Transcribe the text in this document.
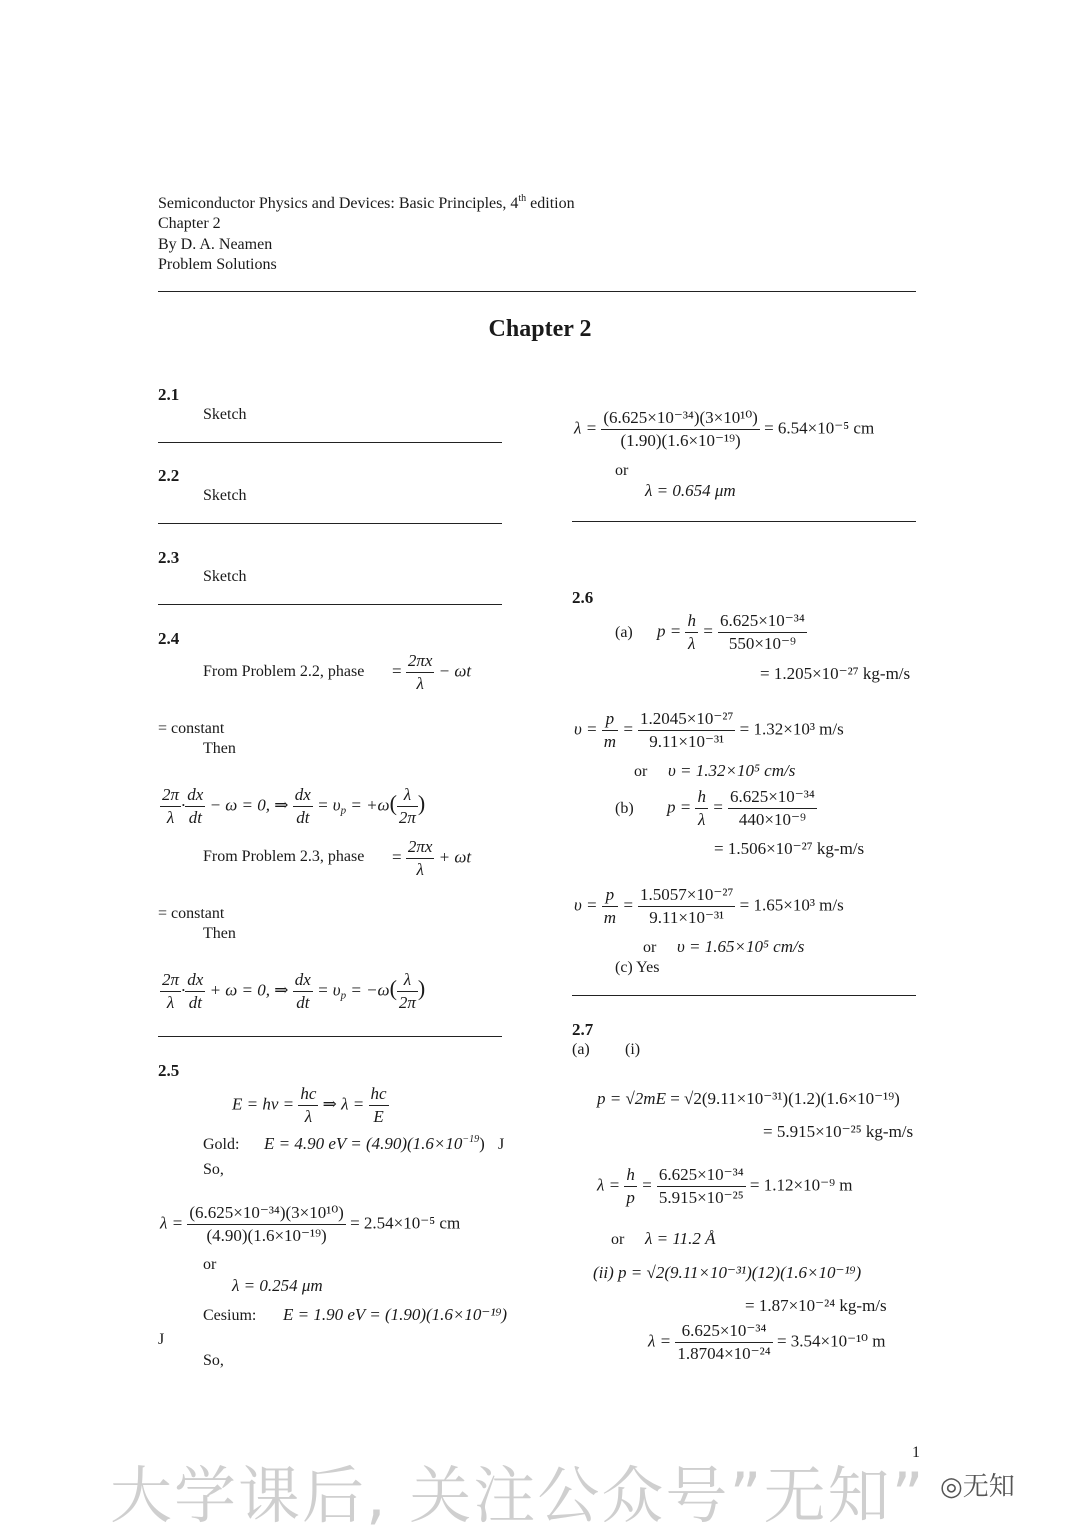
Semiconductor Physics and Devices: Basic Principles, 4th edition
Chapter 2
By D. A. Neamen
Problem Solutions
Chapter 2
2.1
Sketch
2.2
Sketch
2.3
Sketch
2.4
From Problem 2.2, phase = $\frac{2\pi x}{\lambda} - \omega t$
= constant
Then
$\frac{2\pi}{\lambda} \cdot \frac{dx}{dt} - \omega = 0$, ⇒ $\frac{dx}{dt} = \upsilon_p = +\omega( \frac{\lambda}{2\pi}$ )
From Problem 2.3, phase = $\frac{2\pi x}{\lambda} + \omega t$
= constant
Then
$\frac{2\pi}{\lambda} \cdot \frac{dx}{dt} + \omega = 0$, ⇒ $\frac{dx}{dt} = \upsilon_p = -\omega( \frac{\lambda}{2\pi}$ )
2.5
$E = h\nu = \frac{hc}{\lambda}$ ⇒ $\lambda = \frac{hc}{E}$
Gold: E = 4.90 eV = $(4.90)(1.6\times 10^{-19})$ J
So,
$\lambda = \frac{\text{(6.625×10⁻³⁴)(3×10¹⁰)}}{\text{(4.90)(1.6×10⁻¹⁹)}} = 2.54\times 10^{-5}$ cm
or
λ = 0.254 μm
Cesium: E = 1.90 eV = (1.90)(1.6×10⁻¹⁹)
J
So,
$\lambda = \frac{\text{(6.625×10⁻³⁴)(3×10¹⁰)}}{\text{(1.90)(1.6×10⁻¹⁹)}} = 6.54\times 10^{-5}$ cm
or
λ = 0.654 μm
2.6
(a) $p = \frac{h}{\lambda} = \frac{\text{6.625×10⁻³⁴}}{\text{550×10⁻⁹}}$
= 1.205×10⁻²⁷ kg-m/s
$\upsilon = \frac{p}{m} = \frac{\text{1.2045×10⁻²⁷}}{\text{9.11×10⁻³¹}} = 1.32\times 10^3$ m/s
or υ = 1.32×10⁵ cm/s
(b) $p = \frac{h}{\lambda} = \frac{\text{6.625×10⁻³⁴}}{\text{440×10⁻⁹}}$
= 1.506×10⁻²⁷ kg-m/s
$\upsilon = \frac{p}{m} = \frac{\text{1.5057×10⁻²⁷}}{\text{9.11×10⁻³¹}} = 1.65\times 10^3$ m/s
or υ = 1.65×10⁵ cm/s
(c) Yes
2.7
(a) (i)
p = √2mE = √2(9.11×10⁻³¹)(1.2)(1.6×10⁻¹⁹)
= 5.915×10⁻²⁵ kg-m/s
$\lambda = \frac{h}{p} = \frac{\text{6.625×10⁻³⁴}}{\text{5.915×10⁻²⁵}} = 1.12\times 10^{-9}$ m
or λ = 11.2 Å
(ii) p = √2(9.11×10⁻³¹)(12)(1.6×10⁻¹⁹)
= 1.87×10⁻²⁴ kg-m/s
$\lambda = \frac{\text{6.625×10⁻³⁴}}{\text{1.8704×10⁻²⁴}} = 3.54\times 10^{-10}$ m
1
大学课后, 关注公众号”无知” ◎无知
